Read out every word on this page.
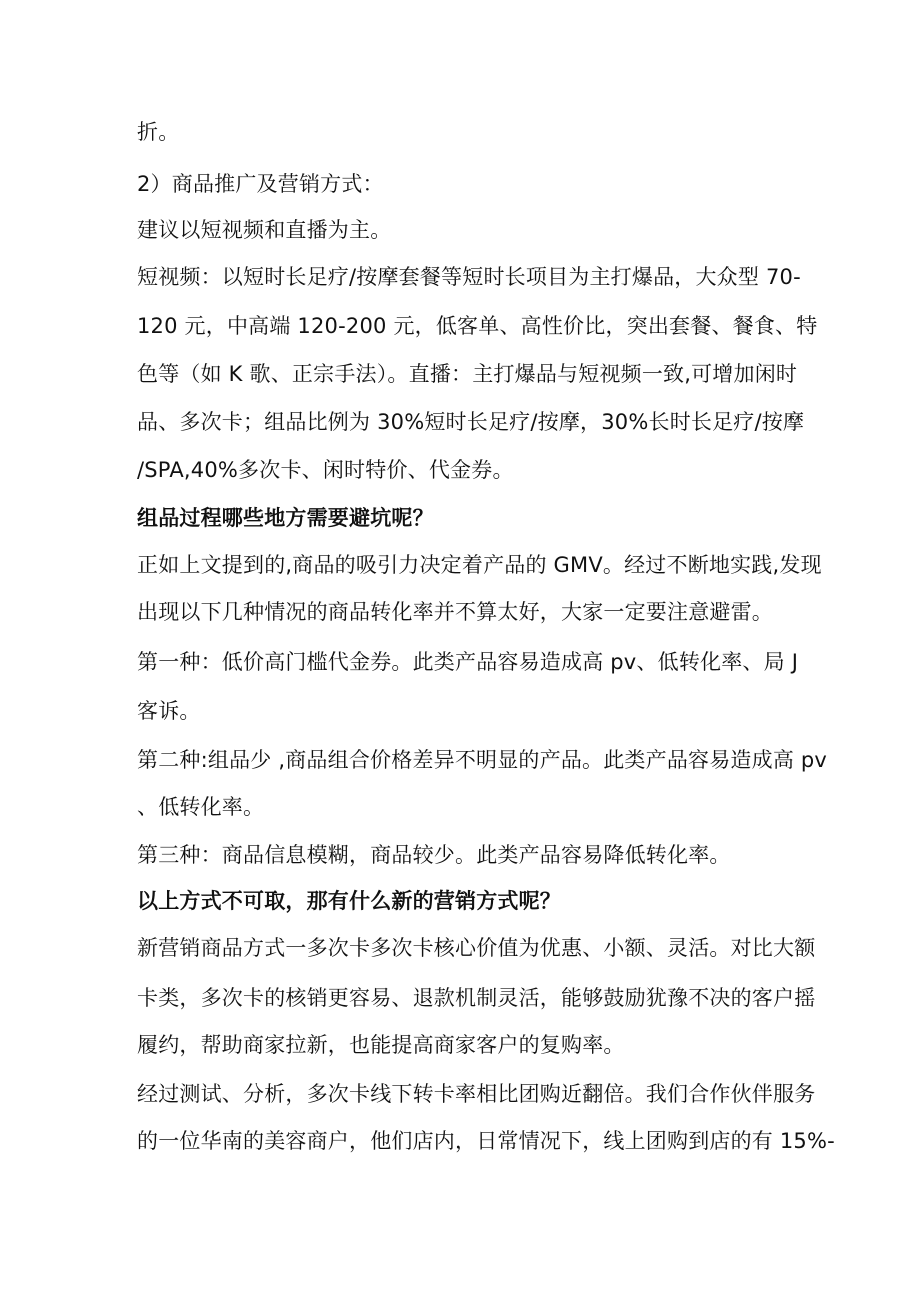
折。
2）商品推广及营销方式：
建议以短视频和直播为主。
短视频：以短时长足疗/按摩套餐等短时长项目为主打爆品，大众型 70-
120 元，中高端 120-200 元，低客单、高性价比，突出套餐、餐食、特
色等（如 K 歌、正宗手法）。直播：主打爆品与短视频一致,可增加闲时
品、多次卡；组品比例为 30%短时长足疗/按摩，30%长时长足疗/按摩
/SPA,40%多次卡、闲时特价、代金券。
组品过程哪些地方需要避坑呢？
正如上文提到的,商品的吸引力决定着产品的 GMV。经过不断地实践,发现
出现以下几种情况的商品转化率并不算太好，大家一定要注意避雷。
第一种：低价高门槛代金券。此类产品容易造成高 pv、低转化率、局 J
客诉。
第二种:组品少 ,商品组合价格差异不明显的产品。此类产品容易造成高 pv
、低转化率。
第三种：商品信息模糊，商品较少。此类产品容易降低转化率。
以上方式不可取，那有什么新的营销方式呢？
新营销商品方式一多次卡多次卡核心价值为优惠、小额、灵活。对比大额
卡类，多次卡的核销更容易、退款机制灵活，能够鼓励犹豫不决的客户摇
履约，帮助商家拉新，也能提高商家客户的复购率。
经过测试、分析，多次卡线下转卡率相比团购近翻倍。我们合作伙伴服务
的一位华南的美容商户，他们店内，日常情况下，线上团购到店的有 15%-
